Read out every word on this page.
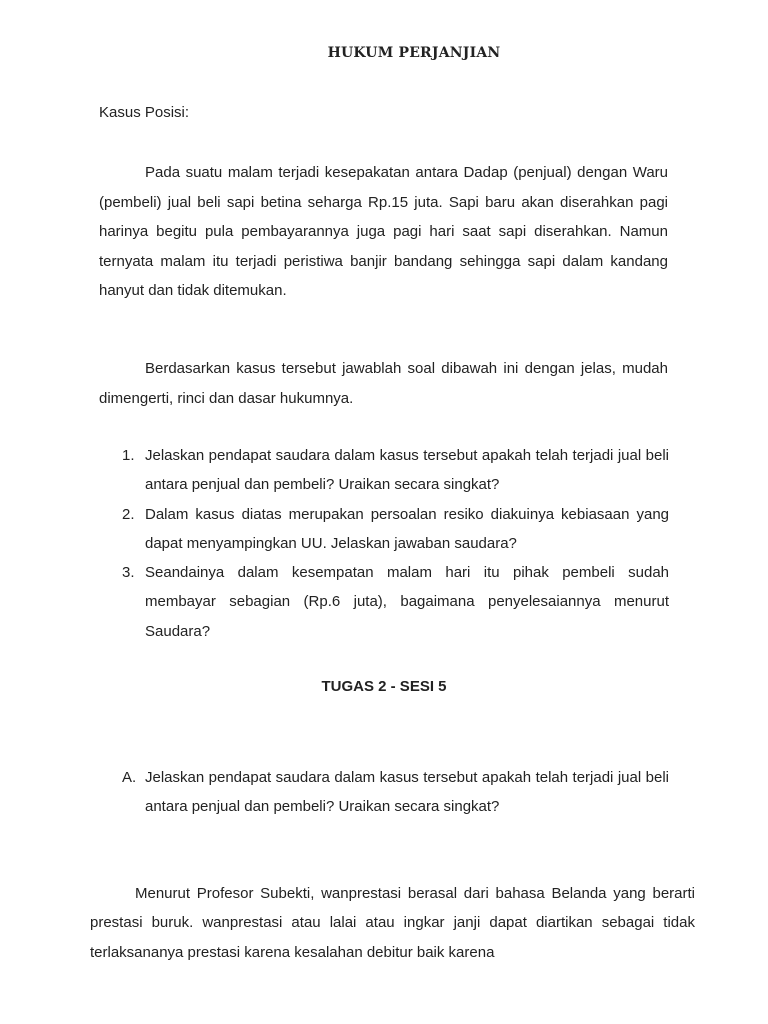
HUKUM PERJANJIAN
Kasus Posisi:

Pada suatu malam terjadi kesepakatan antara Dadap (penjual) dengan Waru (pembeli) jual beli sapi betina seharga Rp.15 juta. Sapi baru akan diserahkan pagi harinya begitu pula pembayarannya juga pagi hari saat sapi diserahkan. Namun ternyata malam itu terjadi peristiwa banjir bandang sehingga sapi dalam kandang hanyut dan tidak ditemukan.

Berdasarkan kasus tersebut jawablah soal dibawah ini dengan jelas, mudah dimengerti, rinci dan dasar hukumnya.

1. Jelaskan pendapat saudara dalam kasus tersebut apakah telah terjadi jual beli antara penjual dan pembeli? Uraikan secara singkat?
2. Dalam kasus diatas merupakan persoalan resiko diakuinya kebiasaan yang dapat menyampingkan UU. Jelaskan jawaban saudara?
3. Seandainya dalam kesempatan malam hari itu pihak pembeli sudah membayar sebagian (Rp.6 juta), bagaimana penyelesaiannya menurut Saudara?
TUGAS 2 - SESI 5
A. Jelaskan pendapat saudara dalam kasus tersebut apakah telah terjadi jual beli antara penjual dan pembeli? Uraikan secara singkat?

Menurut Profesor Subekti, wanprestasi berasal dari bahasa Belanda yang berarti prestasi buruk. wanprestasi atau lalai atau ingkar janji dapat diartikan sebagai tidak terlaksananya prestasi karena kesalahan debitur baik karena
